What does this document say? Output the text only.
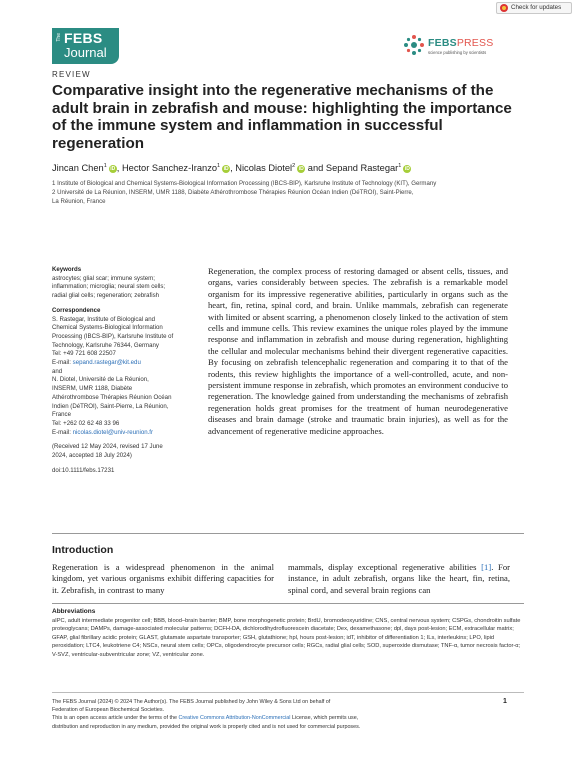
Check for updates
The FEBS
Journal
FEBSPRESS
science publishing by scientists
REVIEW
Comparative insight into the regenerative mechanisms of the adult brain in zebrafish and mouse: highlighting the importance of the immune system and inflammation in successful regeneration
Jincan Chen$^1$ iD , Hector Sanchez-Iranzo$^1$ iD , Nicolas Diotel$^2$ iD and Sepand Rastegar$^1$ iD

1 Institute of Biological and Chemical Systems-Biological Information Processing (IBCS-BIP), Karlsruhe Institute of Technology (KIT), Germany

2 Université de La Réunion, INSERM, UMR 1188, Diabète Athérothrombose Thérapies Réunion Océan Indien (DéTROI), Saint-Pierre,

La Réunion, France

Keywords
astrocytes; glial scar; immune system;
inflammation; microglia; neural stem cells;
radial glial cells; regeneration; zebrafish
Correspondence
S. Rastegar, Institute of Biological and
Chemical Systems-Biological Information
Processing (IBCS-BIP), Karlsruhe Institute of
Technology, Karlsruhe 76344, Germany
Tel: +49 721 608 22507
E-mail: sepand.rastegar@kit.edu
and
N. Diotel, Université de La Réunion,
INSERM, UMR 1188, Diabète
Athérothrombose Thérapies Réunion Océan
Indien (DéTROI), Saint-Pierre, La Réunion,
France
Tel: +262 02 62 48 33 96
E-mail: nicolas.diotel@univ-reunion.fr
(Received 12 May 2024, revised 17 June
2024, accepted 18 July 2024)
doi:10.1111/febs.17231
Regeneration, the complex process of restoring damaged or absent cells, tissues, and organs, varies considerably between species. The zebrafish is a remarkable model organism for its impressive regenerative abilities, particularly in organs such as the heart, fin, retina, spinal cord, and brain. Unlike mammals, zebrafish can regenerate with limited or absent scarring, a phenomenon closely linked to the activation of stem cells and immune cells. This review examines the unique roles played by the immune response and inflammation in zebrafish and mouse during regeneration, highlighting the cellular and molecular mechanisms behind their divergent regenerative capacities. By focusing on zebrafish telencephalic regeneration and comparing it to that of the rodents, this review highlights the importance of a well-controlled, acute, and non-persistent immune response in zebrafish, which promotes an environment conducive to regeneration. The knowledge gained from understanding the mechanisms of zebrafish regeneration holds great promises for the treatment of human neurodegenerative diseases and brain damage (stroke and traumatic brain injuries), as well as for the advancement of regenerative medicine approaches.
Introduction
Regeneration is a widespread phenomenon in the animal kingdom, yet various organisms exhibit differing capacities for it. Zebrafish, in contrast to many
mammals, display exceptional regenerative abilities [1]. For instance, in adult zebrafish, organs like the heart, fin, retina, spinal cord, and several brain regions can
Abbreviations
aIPC, adult intermediate progenitor cell; BBB, blood–brain barrier; BMP, bone morphogenetic protein; BrdU, bromodeoxyuridine; CNS, central nervous system; CSPGs, chondroitin sulfate proteoglycans; DAMPs, damage-associated molecular patterns; DCFH-DA, dichlorodihydrofluorescein diacetate; Dex, dexamethasone; dpl, days post-lesion; ECM, extracellular matrix; GFAP, glial fibrillary acidic protein; GLAST, glutamate aspartate transporter; GSH, glutathione; hpl, hours post-lesion; idT, inhibitor of differentiation 1; ILs, interleukins; LPO, lipid peroxidation; LTC4, leukotriene C4; NSCs, neural stem cells; OPCs, oligodendrocyte precursor cells; RGCs, radial glial cells; SOD, superoxide dismutase; TNF-α, tumor necrosis factor-α; V-SVZ, ventricular-subventricular zone; VZ, ventricular zone.
The FEBS Journal (2024) © 2024 The Author(s). The FEBS Journal published by John Wiley & Sons Ltd on behalf of
Federation of European Biochemical Societies.
This is an open access article under the terms of the Creative Commons Attribution-NonCommercial License, which permits use,
distribution and reproduction in any medium, provided the original work is properly cited and is not used for commercial purposes.
1
